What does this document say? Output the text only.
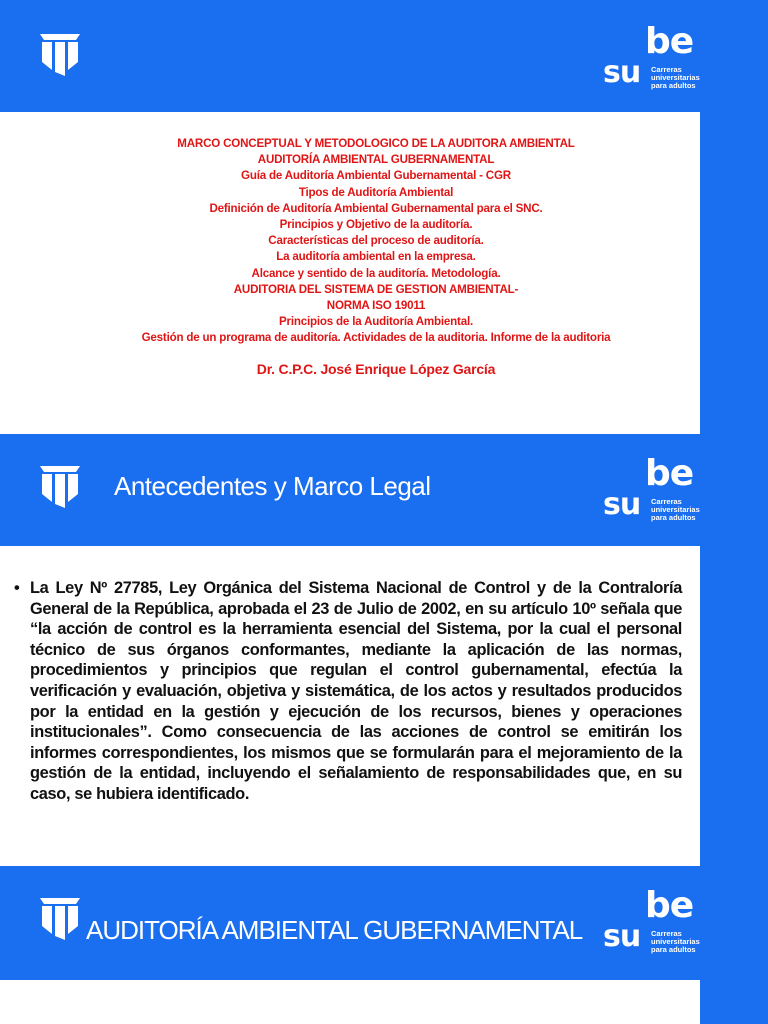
be
su Carreras
universitarias
para adultos
MARCO CONCEPTUAL Y METODOLOGICO DE LA AUDITORA AMBIENTAL
AUDITORÍA AMBIENTAL GUBERNAMENTAL
Guía de Auditoría Ambiental Gubernamental - CGR
Tipos de Auditoría Ambiental
Definición de Auditoría Ambiental Gubernamental para el SNC.
Principios y Objetivo de la auditoría.
Características del proceso de auditoría.
La auditoría ambiental en la empresa.
Alcance y sentido de la auditoría. Metodología.
AUDITORIA DEL SISTEMA DE GESTION AMBIENTAL-
NORMA ISO 19011
Principios de la Auditoría Ambiental.
Gestión de un programa de auditoría. Actividades de la auditoria. Informe de la auditoria
Dr. C.P.C. José Enrique López García
Antecedentes y Marco Legal	be
su Carreras
universitarias
para adultos
• La Ley Nº 27785, Ley Orgánica del Sistema Nacional de Control y de la Contraloría General de la República, aprobada el 23 de Julio de 2002, en su artículo 10º señala que “la acción de control es la herramienta esencial del Sistema, por la cual el personal técnico de sus órganos conformantes, mediante la aplicación de las normas, procedimientos y principios que regulan el control gubernamental, efectúa la verificación y evaluación, objetiva y sistemática, de los actos y resultados producidos por la entidad en la gestión y ejecución de los recursos, bienes y operaciones institucionales”. Como consecuencia de las acciones de control se emitirán los informes correspondientes, los mismos que se formularán para el mejoramiento de la gestión de la entidad, incluyendo el señalamiento de responsabilidades que, en su caso, se hubiera identificado.
AUDITORÍA AMBIENTAL GUBERNAMENTAL
be
su Carreras
universitarias
para adultos
